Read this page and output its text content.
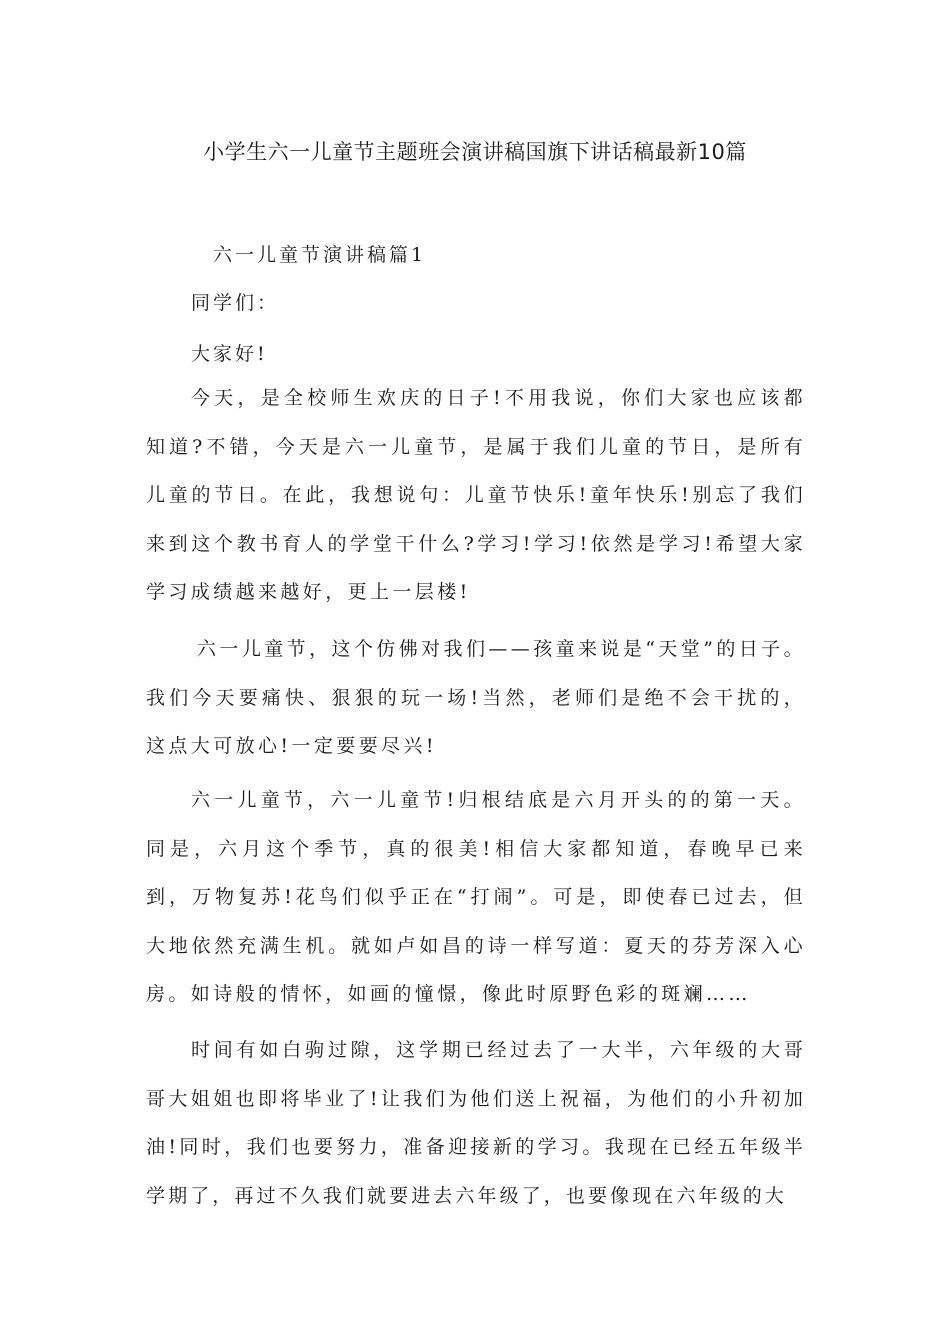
小学生六一儿童节主题班会演讲稿国旗下讲话稿最新10篇
六一儿童节演讲稿篇1
同学们：
大家好!

今天，是全校师生欢庆的日子!不用我说，你们大家也应该都知道?不错，今天是六一儿童节，是属于我们儿童的节日，是所有儿童的节日。在此，我想说句：儿童节快乐!童年快乐!别忘了我们来到这个教书育人的学堂干什么?学习!学习!依然是学习!希望大家学习成绩越来越好，更上一层楼!

六一儿童节，这个仿佛对我们——孩童来说是“天堂”的日子。我们今天要痛快、狠狠的玩一场!当然，老师们是绝不会干扰的，这点大可放心!一定要要尽兴!

六一儿童节，六一儿童节!归根结底是六月开头的的第一天。同是，六月这个季节，真的很美!相信大家都知道，春晚早已来到，万物复苏!花鸟们似乎正在“打闹”。可是，即使春已过去，但大地依然充满生机。就如卢如昌的诗一样写道：夏天的芬芳深入心房。如诗般的情怀，如画的憧憬，像此时原野色彩的斑斓……

时间有如白驹过隙，这学期已经过去了一大半，六年级的大哥哥大姐姐也即将毕业了!让我们为他们送上祝福，为他们的小升初加油!同时，我们也要努力，准备迎接新的学习。我现在已经五年级半学期了，再过不久我们就要进去六年级了，也要像现在六年级的大
